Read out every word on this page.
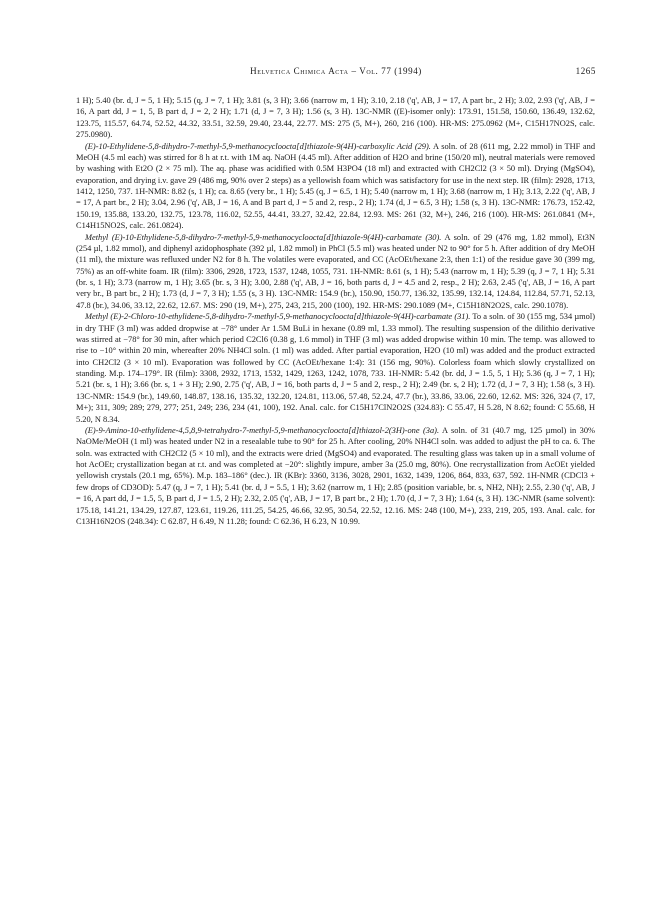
Helvetica Chimica Acta – Vol. 77 (1994)	1265

1 H); 5.40 (br. d, J = 5, 1 H); 5.15 (q, J = 7, 1 H); 3.81 (s, 3 H); 3.66 (narrow m, 1 H); 3.10, 2.18 ('q', AB, J = 17, A part br., 2 H); 3.02, 2.93 ('q', AB, J = 16, A part dd, J = 1, 5, B part d, J = 2, 2 H); 1.71 (d, J = 7, 3 H); 1.56 (s, 3 H). 13C-NMR ((E)-isomer only): 173.91, 151.58, 150.60, 136.49, 132.62, 123.75, 115.57, 64.74, 52.52, 44.32, 33.51, 32.59, 29.40, 23.44, 22.77. MS: 275 (5, M+), 260, 216 (100). HR-MS: 275.0962 (M+, C15H17NO2S, calc. 275.0980).

(E)-10-Ethylidene-5,8-dihydro-7-methyl-5,9-methanocycloocta[d]thiazole-9(4H)-carboxylic Acid (29). A soln. of 28 (611 mg, 2.22 mmol) in THF and MeOH (4.5 ml each) was stirred for 8 h at r.t. with 1M aq. NaOH (4.45 ml). After addition of H2O and brine (150/20 ml), neutral materials were removed by washing with Et2O (2 × 75 ml). The aq. phase was acidified with 0.5M H3PO4 (18 ml) and extracted with CH2Cl2 (3 × 50 ml). Drying (MgSO4), evaporation, and drying i.v. gave 29 (486 mg, 90% over 2 steps) as a yellowish foam which was satisfactory for use in the next step. IR (film): 2928, 1713, 1412, 1250, 737. 1H-NMR: 8.82 (s, 1 H); ca. 8.65 (very br., 1 H); 5.45 (q, J = 6.5, 1 H); 5.40 (narrow m, 1 H); 3.68 (narrow m, 1 H); 3.13, 2.22 ('q', AB, J = 17, A part br., 2 H); 3.04, 2.96 ('q', AB, J = 16, A and B part d, J = 5 and 2, resp., 2 H); 1.74 (d, J = 6.5, 3 H); 1.58 (s, 3 H). 13C-NMR: 176.73, 152.42, 150.19, 135.88, 133.20, 132.75, 123.78, 116.02, 52.55, 44.41, 33.27, 32.42, 22.84, 12.93. MS: 261 (32, M+), 246, 216 (100). HR-MS: 261.0841 (M+, C14H15NO2S, calc. 261.0824).

Methyl (E)-10-Ethylidene-5,8-dihydro-7-methyl-5,9-methanocycloocta[d]thiazole-9(4H)-carbamate (30). A soln. of 29 (476 mg, 1.82 mmol), Et3N (254 µl, 1.82 mmol), and diphenyl azidophosphate (392 µl, 1.82 mmol) in PhCl (5.5 ml) was heated under N2 to 90° for 5 h. After addition of dry MeOH (11 ml), the mixture was refluxed under N2 for 8 h. The volatiles were evaporated, and CC (AcOEt/hexane 2:3, then 1:1) of the residue gave 30 (399 mg, 75%) as an off-white foam. IR (film): 3306, 2928, 1723, 1537, 1248, 1055, 731. 1H-NMR: 8.61 (s, 1 H); 5.43 (narrow m, 1 H); 5.39 (q, J = 7, 1 H); 5.31 (br. s, 1 H); 3.73 (narrow m, 1 H); 3.65 (br. s, 3 H); 3.00, 2.88 ('q', AB, J = 16, both parts d, J = 4.5 and 2, resp., 2 H); 2.63, 2.45 ('q', AB, J = 16, A part very br., B part br., 2 H); 1.73 (d, J = 7, 3 H); 1.55 (s, 3 H). 13C-NMR: 154.9 (br.), 150.90, 150.77, 136.32, 135.99, 132.14, 124.84, 112.84, 57.71, 52.13, 47.8 (br.), 34.06, 33.12, 22.62, 12.67. MS: 290 (19, M+), 275, 243, 215, 200 (100), 192. HR-MS: 290.1089 (M+, C15H18N2O2S, calc. 290.1078).

Methyl (E)-2-Chloro-10-ethylidene-5,8-dihydro-7-methyl-5,9-methanocycloocta[d]thiazole-9(4H)-carbamate (31). To a soln. of 30 (155 mg, 534 µmol) in dry THF (3 ml) was added dropwise at −78° under Ar 1.5M BuLi in hexane (0.89 ml, 1.33 mmol). The resulting suspension of the dilithio derivative was stirred at −78° for 30 min, after which period C2Cl6 (0.38 g, 1.6 mmol) in THF (3 ml) was added dropwise within 10 min. The temp. was allowed to rise to −10° within 20 min, whereafter 20% NH4Cl soln. (1 ml) was added. After partial evaporation, H2O (10 ml) was added and the product extracted into CH2Cl2 (3 × 10 ml). Evaporation was followed by CC (AcOEt/hexane 1:4): 31 (156 mg, 90%). Colorless foam which slowly crystallized on standing. M.p. 174–179°. IR (film): 3308, 2932, 1713, 1532, 1429, 1263, 1242, 1078, 733. 1H-NMR: 5.42 (br. dd, J = 1.5, 5, 1 H); 5.36 (q, J = 7, 1 H); 5.21 (br. s, 1 H); 3.66 (br. s, 1 + 3 H); 2.90, 2.75 ('q', AB, J = 16, both parts d, J = 5 and 2, resp., 2 H); 2.49 (br. s, 2 H); 1.72 (d, J = 7, 3 H); 1.58 (s, 3 H). 13C-NMR: 154.9 (br.), 149.60, 148.87, 138.16, 135.32, 132.20, 124.81, 113.06, 57.48, 52.24, 47.7 (br.), 33.86, 33.06, 22.60, 12.62. MS: 326, 324 (7, 17, M+); 311, 309; 289; 279, 277; 251, 249; 236, 234 (41, 100), 192. Anal. calc. for C15H17ClN2O2S (324.83): C 55.47, H 5.28, N 8.62; found: C 55.68, H 5.20, N 8.34.

(E)-9-Amino-10-ethylidene-4,5,8,9-tetrahydro-7-methyl-5,9-methanocycloocta[d]thiazol-2(3H)-one (3a). A soln. of 31 (40.7 mg, 125 µmol) in 30% NaOMe/MeOH (1 ml) was heated under N2 in a resealable tube to 90° for 25 h. After cooling, 20% NH4Cl soln. was added to adjust the pH to ca. 6. The soln. was extracted with CH2Cl2 (5 × 10 ml), and the extracts were dried (MgSO4) and evaporated. The resulting glass was taken up in a small volume of hot AcOEt; crystallization began at r.t. and was completed at −20°: slightly impure, amber 3a (25.0 mg, 80%). One recrystallization from AcOEt yielded yellowish crystals (20.1 mg, 65%). M.p. 183–186° (dec.). IR (KBr): 3360, 3136, 3028, 2901, 1632, 1439, 1206, 864, 833, 637, 592. 1H-NMR (CDCl3 + few drops of CD3OD): 5.47 (q, J = 7, 1 H); 5.41 (br. d, J = 5.5, 1 H); 3.62 (narrow m, 1 H); 2.85 (position variable, br. s, NH2, NH); 2.55, 2.30 ('q', AB, J = 16, A part dd, J = 1.5, 5, B part d, J = 1.5, 2 H); 2.32, 2.05 ('q', AB, J = 17, B part br., 2 H); 1.70 (d, J = 7, 3 H); 1.64 (s, 3 H). 13C-NMR (same solvent): 175.18, 141.21, 134.29, 127.87, 123.61, 119.26, 111.25, 54.25, 46.66, 32.95, 30.54, 22.52, 12.16. MS: 248 (100, M+), 233, 219, 205, 193. Anal. calc. for C13H16N2OS (248.34): C 62.87, H 6.49, N 11.28; found: C 62.36, H 6.23, N 10.99.
